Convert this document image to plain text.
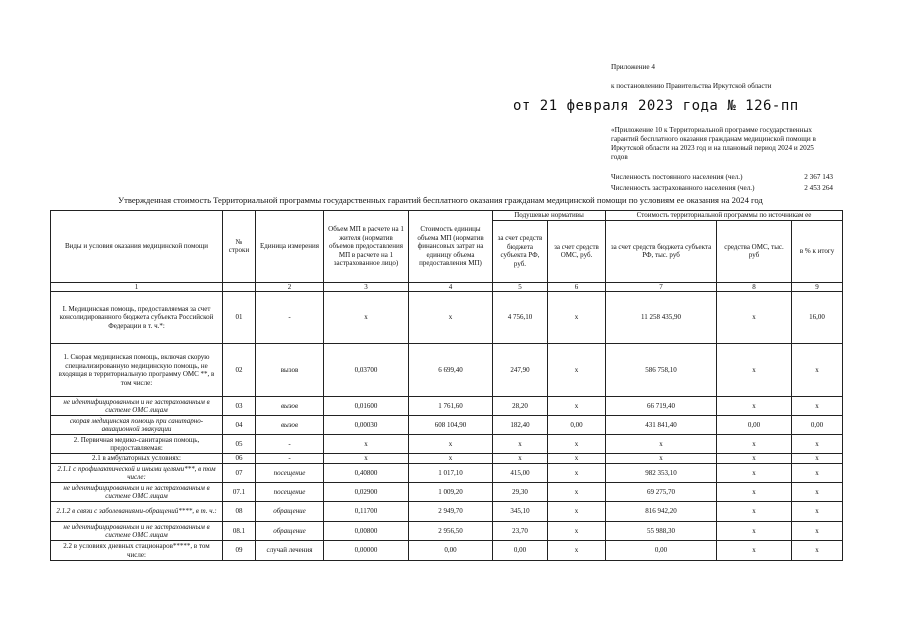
Приложение 4
к постановлению Правительства Иркутской области
от 21 февраля 2023 года № 126-пп
«Приложение 10 к Территориальной программе государственных гарантий бесплатного оказания гражданам медицинской помощи в Иркутской области на 2023 год и на плановый период 2024 и 2025 годов
Численность постоянного населения (чел.)	2 367 143
Численность застрахованного населения (чел.)	2 453 264
Утвержденная стоимость Территориальной программы государственных гарантий бесплатного оказания гражданам медицинской помощи по условиям ее оказания на 2024 год
Виды и условия оказания медицинской помощи	№ строки	Единица измерения	Объем МП в расчете на 1 жителя (норматив объемов предоставления МП в расчете на 1 застрахованное лицо)	Стоимость единицы объема МП (норматив финансовых затрат на единицу объема предоставления МП)	Подушевые нормативы		Стоимость территориальной программы по источникам ее		
					за счет средств бюджета субъекта РФ, руб.	за счет средств ОМС, руб.	за счет средств бюджета субъекта РФ, тыс. руб	средства ОМС, тыс. руб	в % к итогу
1		2	3	4	5	6	7	8	9
I. Медицинская помощь, предоставляемая за счет консолидированного бюджета субъекта Российской Федерации в т. ч.*:	01	-	x	x	4 756,10	x	11 258 435,90	x	16,00
1. Скорая медицинская помощь, включая скорую специализированную медицинскую помощь, не входящая в территориальную программу ОМС **, в том числе:	02	вызов	0,03700	6 699,40	247,90	x	586 758,10	x	x
не идентифицированным и не застрахованным в системе ОМС лицам	03	вызов	0,01600	1 761,60	28,20	x	66 719,40	x	x
скорая медицинская помощь при санитарно-авиационной эвакуации	04	вызов	0,00030	608 104,90	182,40	0,00	431 841,40	0,00	0,00
2. Первичная медико-санитарная помощь, предоставляемая:	05	-	x	x	x	x	x	x	x
2.1 в амбулаторных условиях:	06	-	x	x	x	x	x	x	x
2.1.1 с профилактической и иными целями***, в том числе:	07	посещение	0,40800	1 017,10	415,00	x	982 353,10	x	x
не идентифицированным и не застрахованным в системе ОМС лицам	07.1	посещение	0,02900	1 009,20	29,30	x	69 275,70	x	x
2.1.2 в связи с заболеваниями-обращений****, в т. ч.:	08	обращение	0,11700	2 949,70	345,10	x	816 942,20	x	x
не идентифицированным и не застрахованным в системе ОМС лицам	08.1	обращение	0,00800	2 956,50	23,70	x	55 988,30	x	x
2.2 в условиях дневных стационаров*****, в том числе:	09	случай лечения	0,00000	0,00	0,00	x	0,00	x	x
